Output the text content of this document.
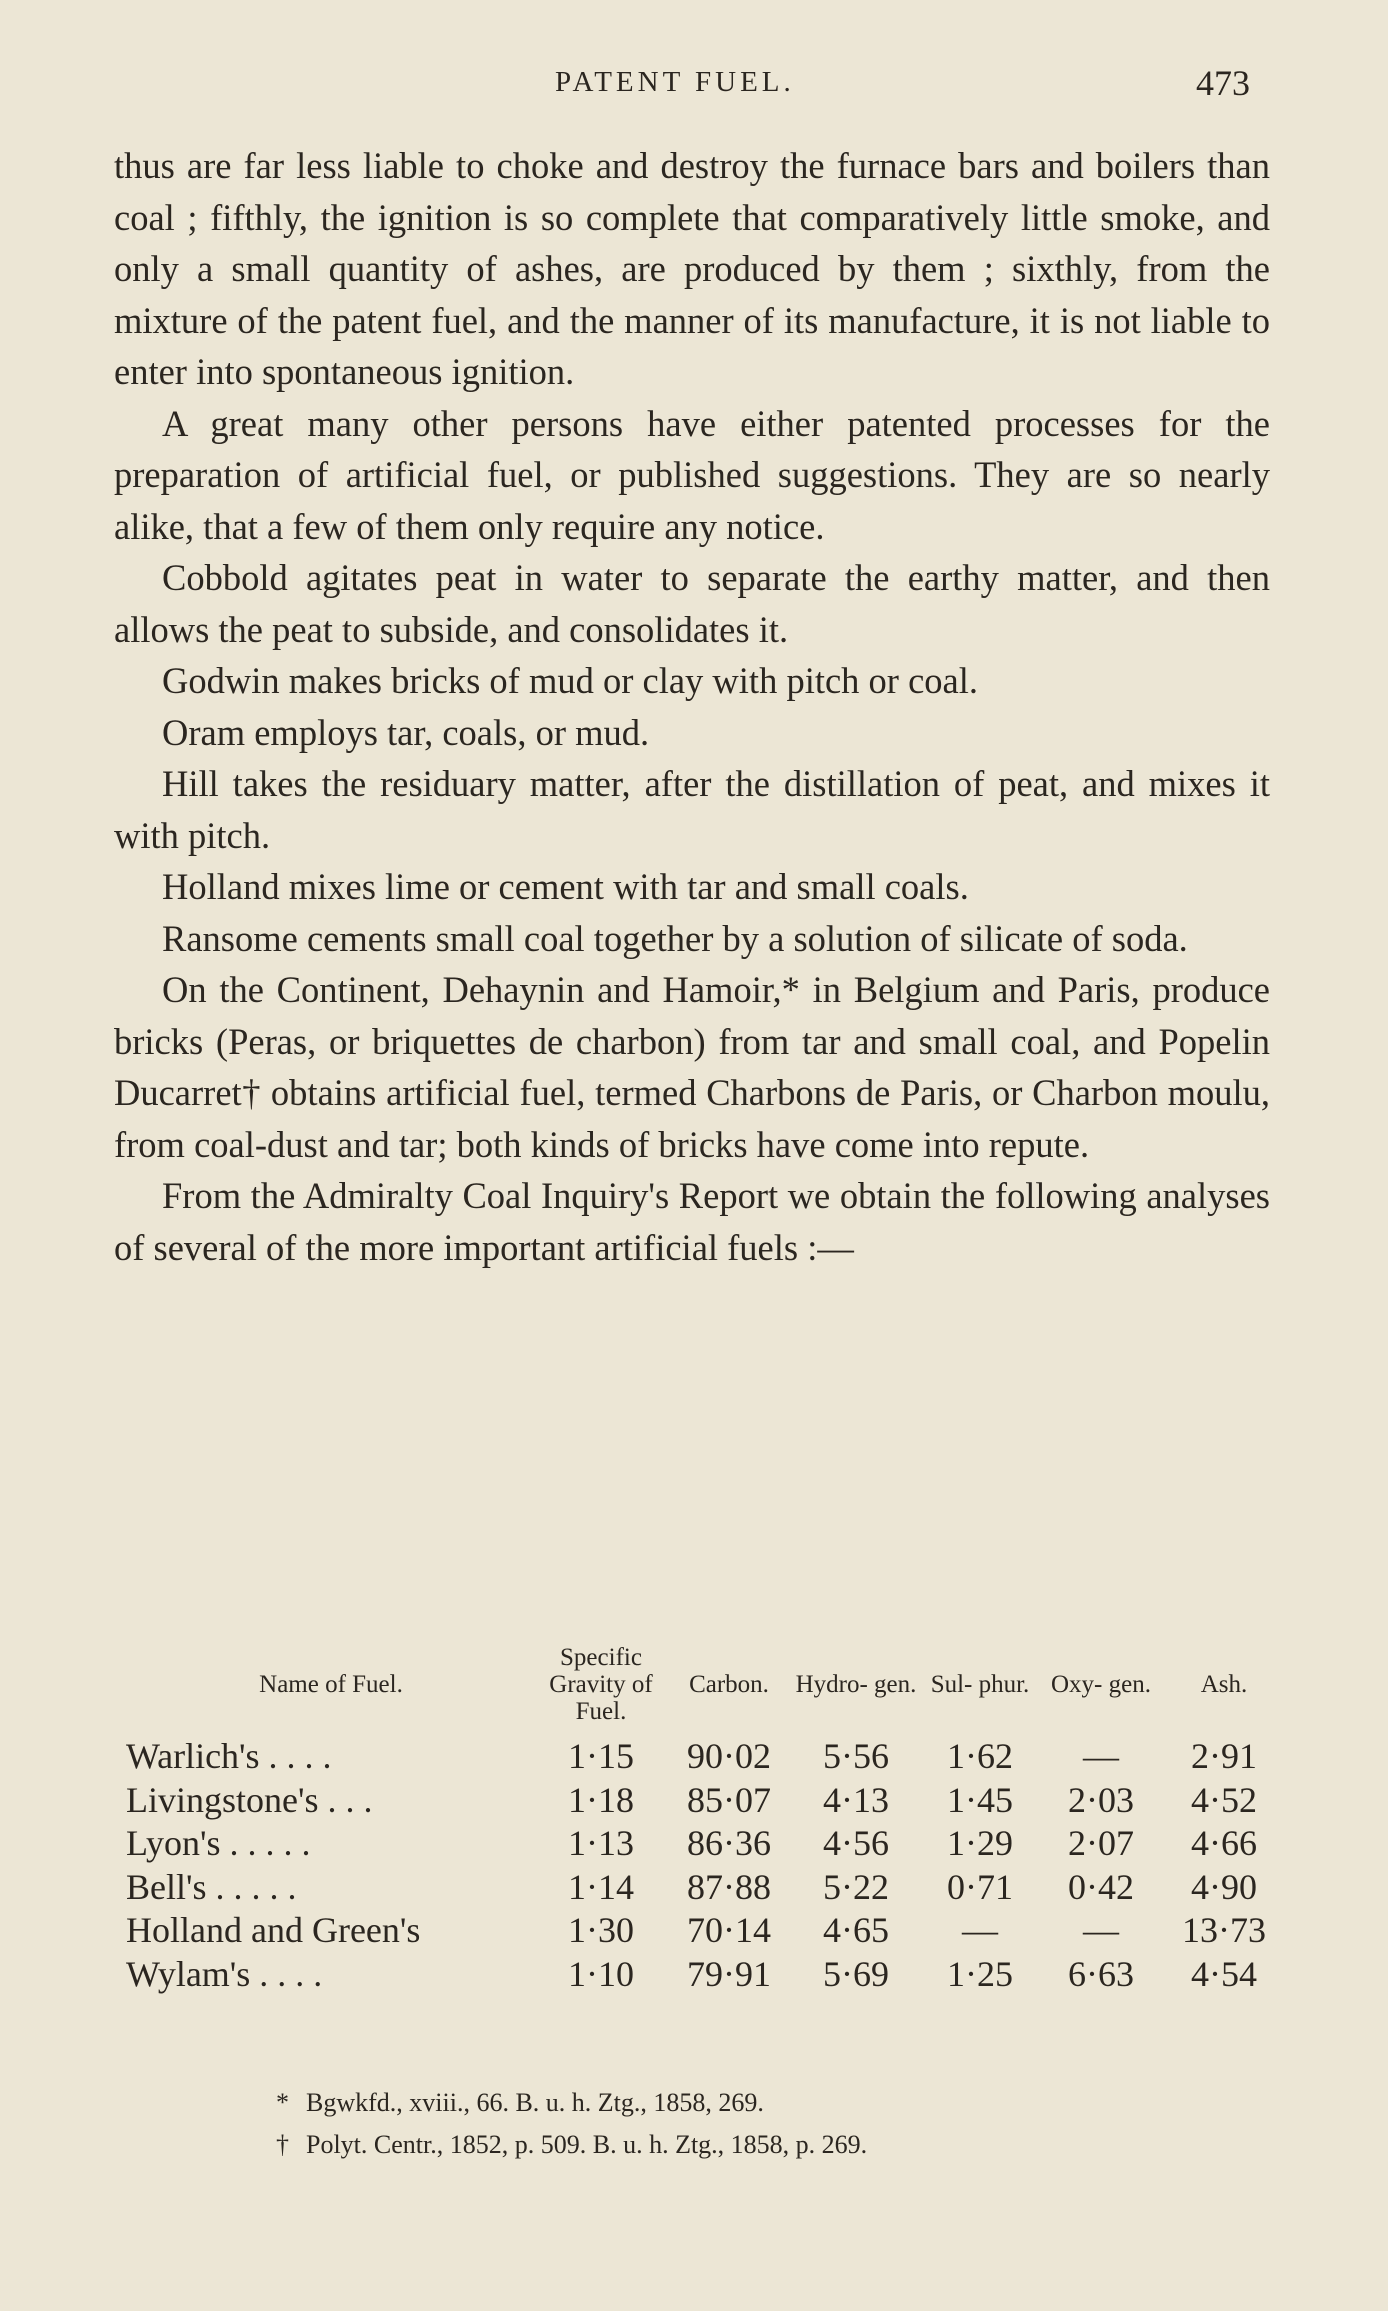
PATENT FUEL.	473

thus are far less liable to choke and destroy the furnace bars and boilers than coal ; fifthly, the ignition is so complete that comparatively little smoke, and only a small quantity of ashes, are produced by them ; sixthly, from the mixture of the patent fuel, and the manner of its manufacture, it is not liable to enter into spontaneous ignition.

A great many other persons have either patented processes for the preparation of artificial fuel, or published suggestions. They are so nearly alike, that a few of them only require any notice.

Cobbold agitates peat in water to separate the earthy matter, and then allows the peat to subside, and consolidates it.

Godwin makes bricks of mud or clay with pitch or coal.

Oram employs tar, coals, or mud.

Hill takes the residuary matter, after the distillation of peat, and mixes it with pitch.

Holland mixes lime or cement with tar and small coals.

Ransome cements small coal together by a solution of silicate of soda.

On the Continent, Dehaynin and Hamoir,* in Belgium and Paris, produce bricks (Peras, or briquettes de charbon) from tar and small coal, and Popelin Ducarret† obtains artificial fuel, termed Charbons de Paris, or Charbon moulu, from coal-dust and tar; both kinds of bricks have come into repute.

From the Admiralty Coal Inquiry's Report we obtain the following analyses of several of the more important artificial fuels :—

Name of Fuel.	Specific Gravity of Fuel.	Carbon.	Hydro- gen.	Sul- phur.	Oxy- gen.	Ash.
Warlich's . . . .	1·15	90·02	5·56	1·62	—	2·91
Livingstone's . . .	1·18	85·07	4·13	1·45	2·03	4·52
Lyon's . . . . .	1·13	86·36	4·56	1·29	2·07	4·66
Bell's . . . . .	1·14	87·88	5·22	0·71	0·42	4·90
Holland and Green's	1·30	70·14	4·65	—	—	13·73
Wylam's . . . .	1·10	79·91	5·69	1·25	6·63	4·54
* Bgwkfd., xviii., 66. B. u. h. Ztg., 1858, 269.
† Polyt. Centr., 1852, p. 509. B. u. h. Ztg., 1858, p. 269.
